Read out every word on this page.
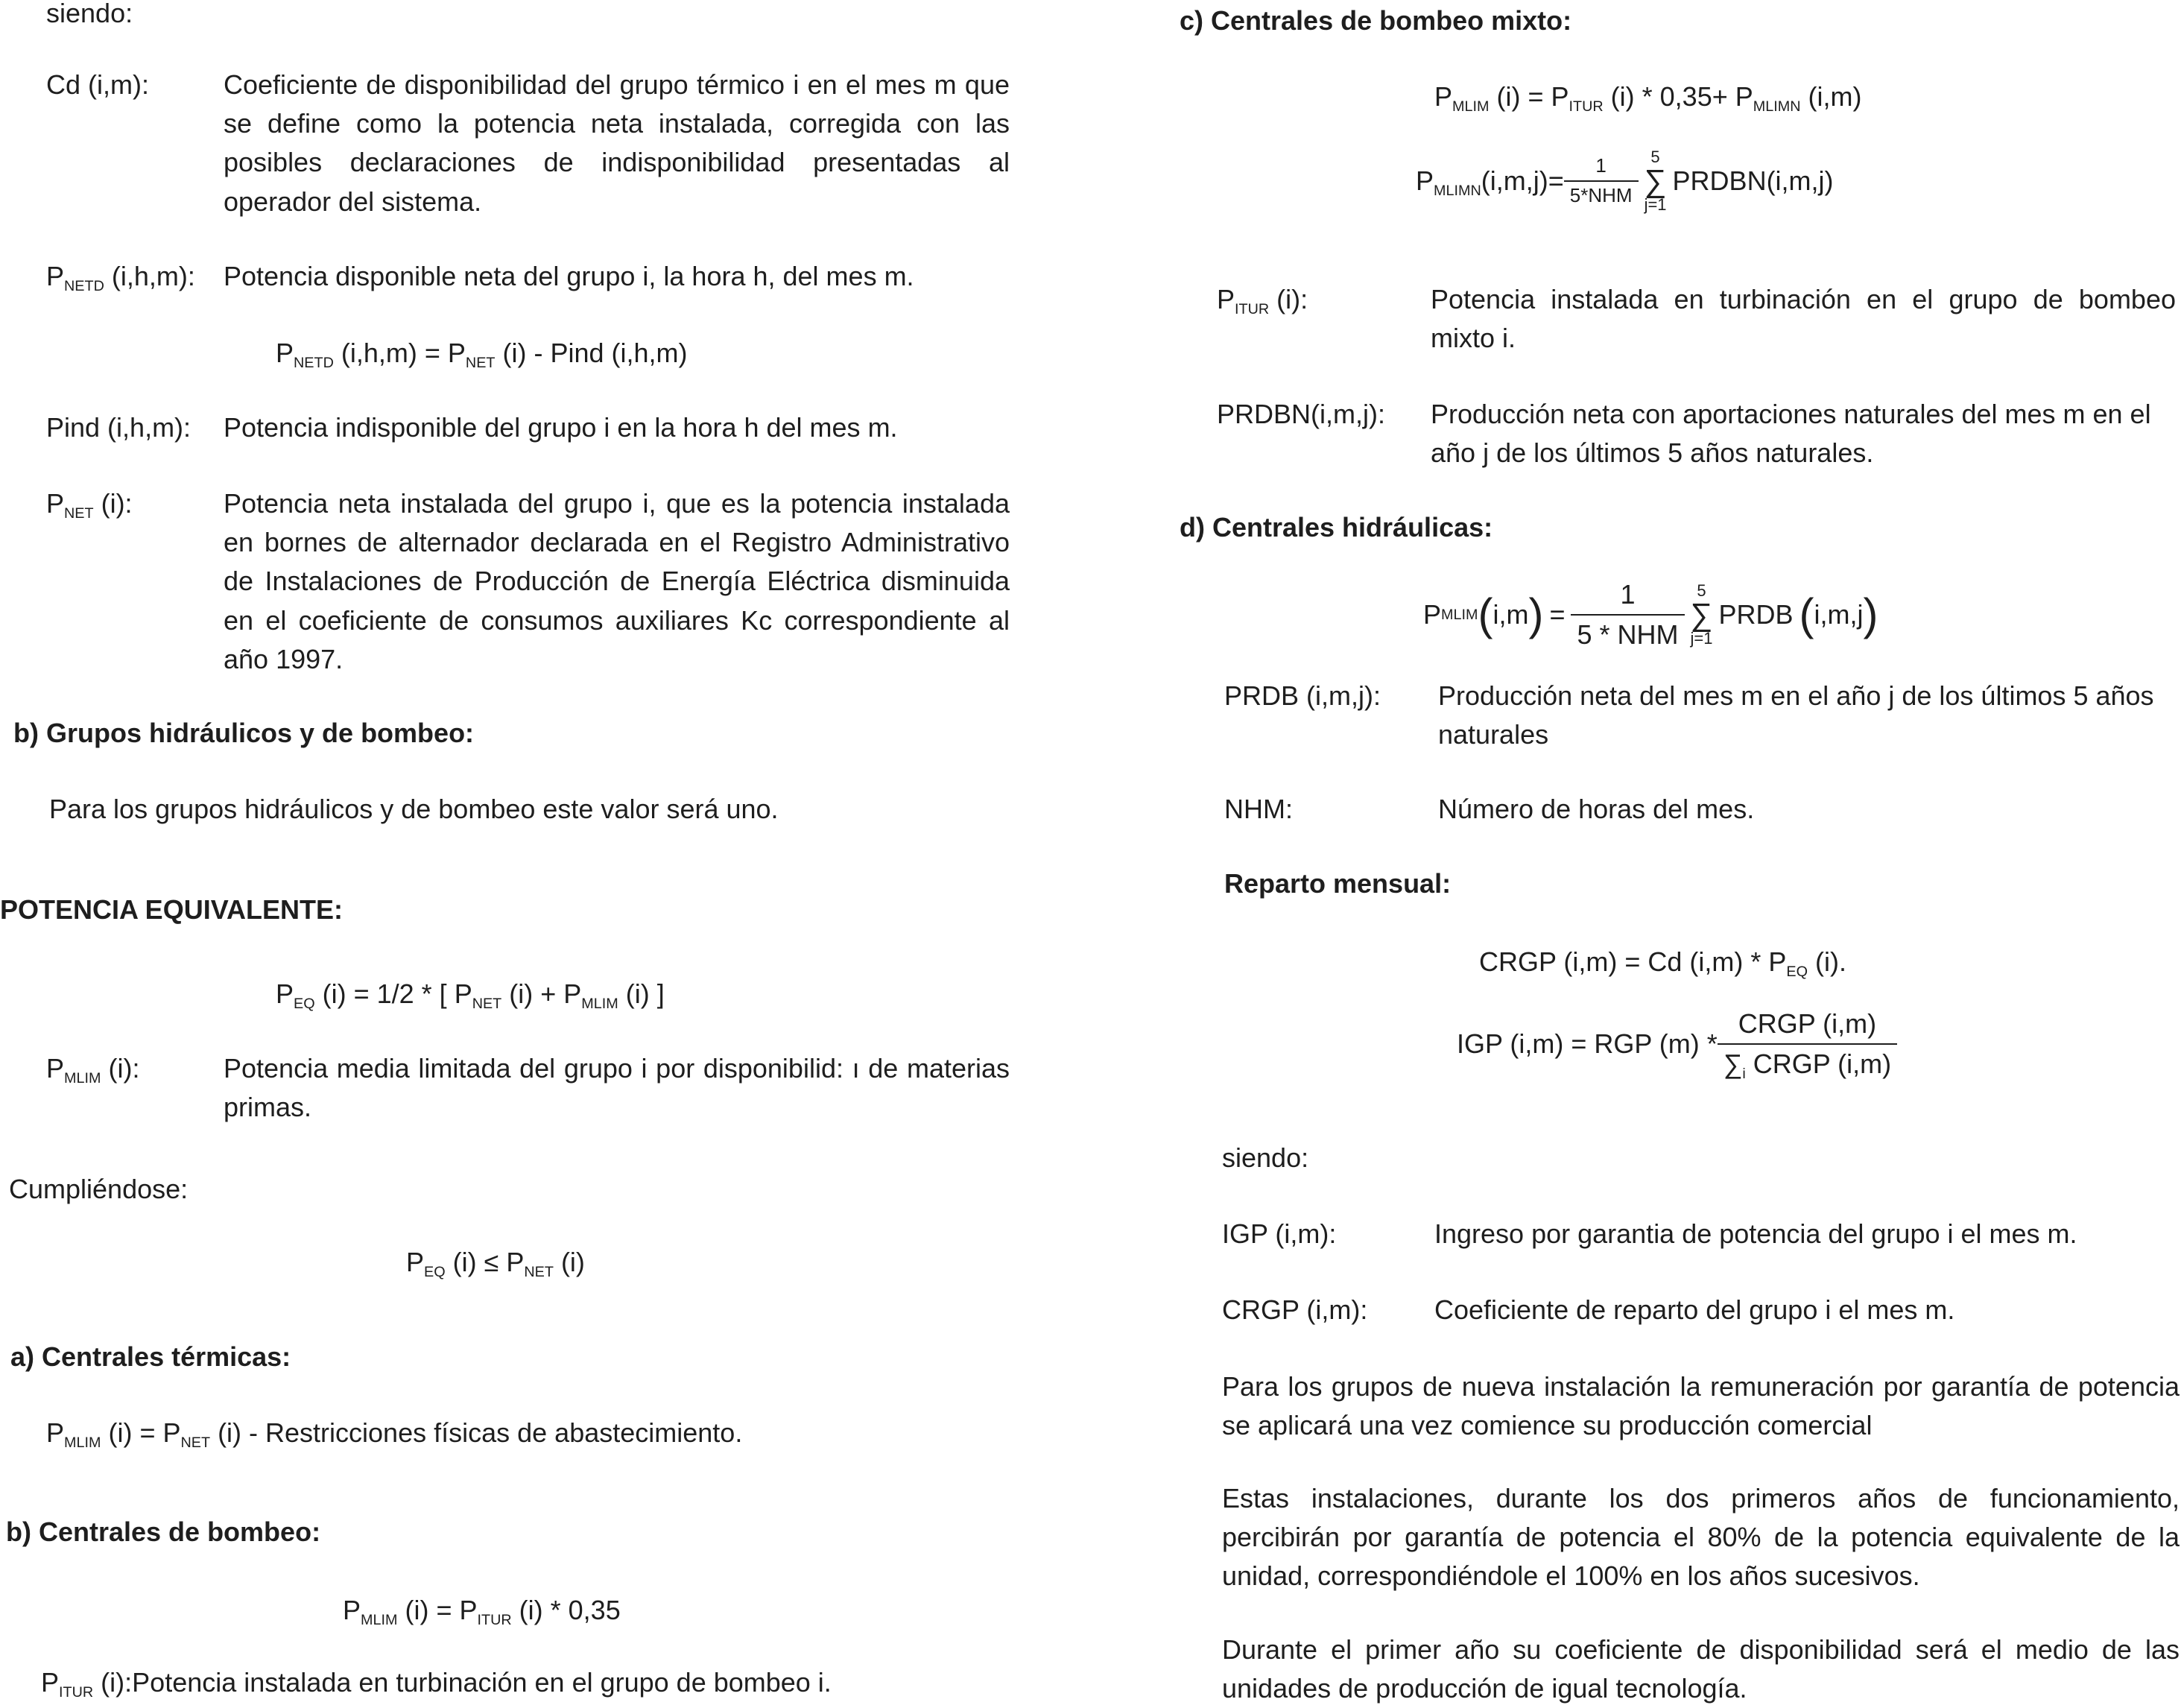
siendo:
Cd (i,m):	Coeficiente de disponibilidad del grupo térmico i en el mes m que se define como la potencia neta instalada, corregida con las posibles declaraciones de indisponibilidad presentadas al operador del sistema.
$P_{NETD}$ (i,h,m): Potencia disponible neta del grupo i, la hora h, del mes m.
$P_{NETD}$ $(i,h,m) = P_{NET}$ (i) - Pind (i,h,m)
Pind (i,h,m): Potencia indisponible del grupo i en la hora h del mes m.
$P_{NET}$ (i):	Potencia neta instalada del grupo i, que es la potencia instalada en bornes de alternador declarada en el Registro Administrativo de Instalaciones de Producción de Energía Eléctrica disminuida en el coeficiente de consumos auxiliares Kc correspondiente al año 1997.
b) Grupos hidráulicos y de bombeo:
Para los grupos hidráulicos y de bombeo este valor será uno.
POTENCIA EQUIVALENTE:
$P_{EQ}$ (i) = 1/2 * [ $P_{NET}$ $(i) + P_{MLIM}$ (i) ]
$P_{MLIM}$ (i):	Potencia media limitada del grupo i por disponibilid: ı de materias primas.
Cumpliéndose:
$P_{EQ}$ $(i) \le P_{NET}$ (i)
a) Centrales térmicas:
$P_{MLIM}$ $(i) = P_{NET}$ (i) - Restricciones físicas de abastecimiento.
b) Centrales de bombeo:
$P_{MLIM}$ $(i) = P_{ITUR}$ (i) * 0,35
$P_{ITUR}$ (i):Potencia instalada en turbinación en el grupo de bombeo i.
c) Centrales de bombeo mixto:
$P_{MLIM}$ $(i) = P_{ITUR}$ $(i) * 0,35+ P_{MLIMN}$ (i,m)
$P_{MLIMN}(i,m,j)= \frac{1}{\text{5*NHM}} 5$
∑
j=1
PRDBN(i,m,j)
$P_{ITUR}$ (i):	Potencia instalada en turbinación en el grupo de bombeo mixto i.
PRDBN(i,m,j): Producción neta con aportaciones naturales del mes m en el año j de los últimos 5 años naturales.
d) Centrales hidráulicas:
P MLIM ( i,m ) = $\frac{1}{\text{5 * NHM}} 5$
∑
j=1
PRDB ( i,m,j )
PRDB (i,m,j): Producción neta del mes m en el año j de los últimos 5 años naturales
NHM:	Número de horas del mes.
Reparto mensual:
CRGP (i,m) = Cd $(i,m) * P_{EQ}$ (i).
IGP (i,m) = RGP $(m) * \frac{\text{CRGP (i,m)}}{\sum_i CRGP (i,m)}$
siendo:
IGP (i,m):	Ingreso por garantia de potencia del grupo i el mes m.
CRGP (i,m): Coeficiente de reparto del grupo i el mes m.
Para los grupos de nueva instalación la remuneración por garantía de potencia se aplicará una vez comience su producción comercial
Estas instalaciones, durante los dos primeros años de funcionamiento, percibirán por garantía de potencia el 80% de la potencia equivalente de la unidad, correspondiéndole el 100% en los años sucesivos.
Durante el primer año su coeficiente de disponibilidad será el medio de las unidades de producción de igual tecnología.
